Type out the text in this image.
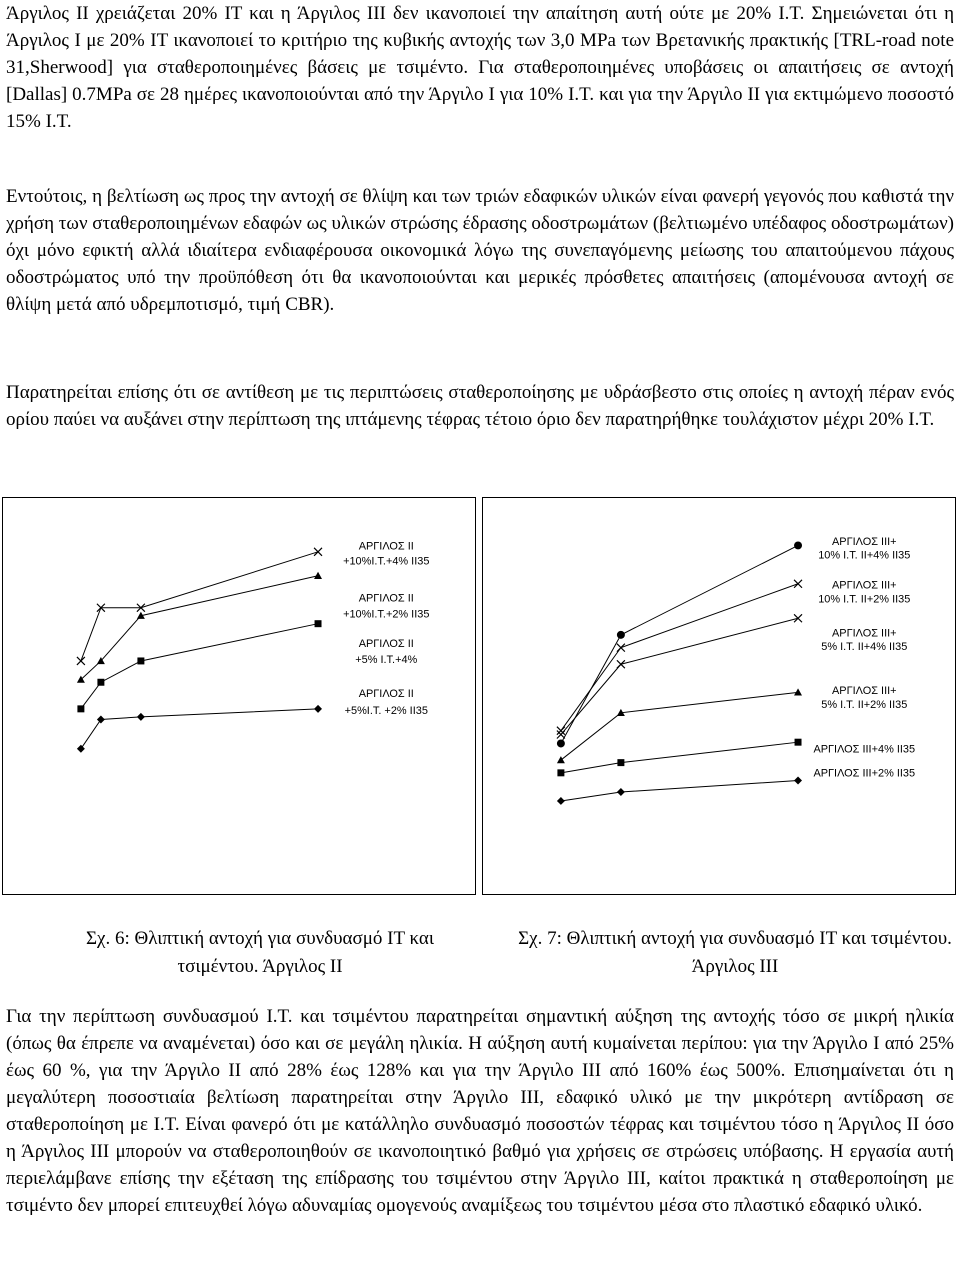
Άργιλος ΙΙ χρειάζεται 20% ΙΤ και η Άργιλος ΙΙΙ δεν ικανοποιεί την απαίτηση αυτή ούτε με 20% Ι.Τ. Σημειώνεται ότι η Άργιλος Ι με 20% ΙΤ ικανοποιεί το κριτήριο της κυβικής αντοχής των 3,0 ΜΡa των Βρετανικής πρακτικής [TRL-road note 31,Sherwood] για σταθεροποιημένες βάσεις με τσιμέντο. Για σταθεροποιημένες υποβάσεις οι απαιτήσεις σε αντοχή [Dallas] 0.7ΜΡa σε 28 ημέρες ικανοποιούνται από την Άργιλο Ι για 10% Ι.Τ. και για την Άργιλο ΙΙ για εκτιμώμενο ποσοστό 15% Ι.Τ.

Εντούτοις, η βελτίωση ως προς την αντοχή σε θλίψη και των τριών εδαφικών υλικών είναι φανερή γεγονός που καθιστά την χρήση των σταθεροποιημένων εδαφών ως υλικών στρώσης έδρασης οδοστρωμάτων (βελτιωμένο υπέδαφος οδοστρωμάτων) όχι μόνο εφικτή αλλά ιδιαίτερα ενδιαφέρουσα οικονομικά λόγω της συνεπαγόμενης μείωσης του απαιτούμενου πάχους οδοστρώματος υπό την προϋπόθεση ότι θα ικανοποιούνται και μερικές πρόσθετες απαιτήσεις (απομένουσα αντοχή σε θλίψη μετά από υδρεμποτισμό, τιμή CBR).

Παρατηρείται επίσης ότι σε αντίθεση με τις περιπτώσεις σταθεροποίησης με υδράσβεστο στις οποίες η αντοχή πέραν ενός ορίου παύει να αυξάνει στην περίπτωση της ιπτάμενης τέφρας τέτοιο όριο δεν παρατηρήθηκε τουλάχιστον μέχρι 20% Ι.Τ.

ΑΡΓΙΛΟΣ ΙΙ +10%Ι.Τ.+4% ΙΙ35
ΑΡΓΙΛΟΣ ΙΙ +10%Ι.Τ.+2% ΙΙ35
ΑΡΓΙΛΟΣ ΙΙ +5% Ι.Τ.+4%
ΑΡΓΙΛΟΣ ΙΙ +5%Ι.Τ. +2% ΙΙ35
ΑΡΓΙΛΟΣ ΙΙΙ+ 10% Ι.Τ. ΙΙ+4% ΙΙ35
ΑΡΓΙΛΟΣ ΙΙΙ+ 10% Ι.Τ. ΙΙ+2% ΙΙ35
ΑΡΓΙΛΟΣ ΙΙΙ+ 5% Ι.Τ. ΙΙ+4% ΙΙ35
ΑΡΓΙΛΟΣ ΙΙΙ+ 5% Ι.Τ. ΙΙ+2% ΙΙ35
ΑΡΓΙΛΟΣ ΙΙΙ+4% ΙΙ35
ΑΡΓΙΛΟΣ ΙΙΙ+2% ΙΙ35

Σχ. 6: Θλιπτική αντοχή για συνδυασμό ΙΤ και τσιμέντου. Άργιλος ΙΙ

Σχ. 7: Θλιπτική αντοχή για συνδυασμό ΙΤ και τσιμέντου. Άργιλος ΙΙΙ

Για την περίπτωση συνδυασμού Ι.Τ. και τσιμέντου παρατηρείται σημαντική αύξηση της αντοχής τόσο σε μικρή ηλικία (όπως θα έπρεπε να αναμένεται) όσο και σε μεγάλη ηλικία. Η αύξηση αυτή κυμαίνεται περίπου: για την Άργιλο Ι από 25% έως 60 %, για την Άργιλο ΙΙ από 28% έως 128% και για την Άργιλο ΙΙΙ από 160% έως 500%. Επισημαίνεται ότι η μεγαλύτερη ποσοστιαία βελτίωση παρατηρείται στην Άργιλο ΙΙΙ, εδαφικό υλικό με την μικρότερη αντίδραση σε σταθεροποίηση με Ι.Τ. Είναι φανερό ότι με κατάλληλο συνδυασμό ποσοστών τέφρας και τσιμέντου τόσο η Άργιλος ΙΙ όσο η Άργιλος ΙΙΙ μπορούν να σταθεροποιηθούν σε ικανοποιητικό βαθμό για χρήσεις σε στρώσεις υπόβασης. Η εργασία αυτή περιελάμβανε επίσης την εξέταση της επίδρασης του τσιμέντου στην Άργιλο ΙΙΙ, καίτοι πρακτικά η σταθεροποίηση με τσιμέντο δεν μπορεί επιτευχθεί λόγω αδυναμίας ομογενούς αναμίξεως του τσιμέντου μέσα στο πλαστικό εδαφικό υλικό.
